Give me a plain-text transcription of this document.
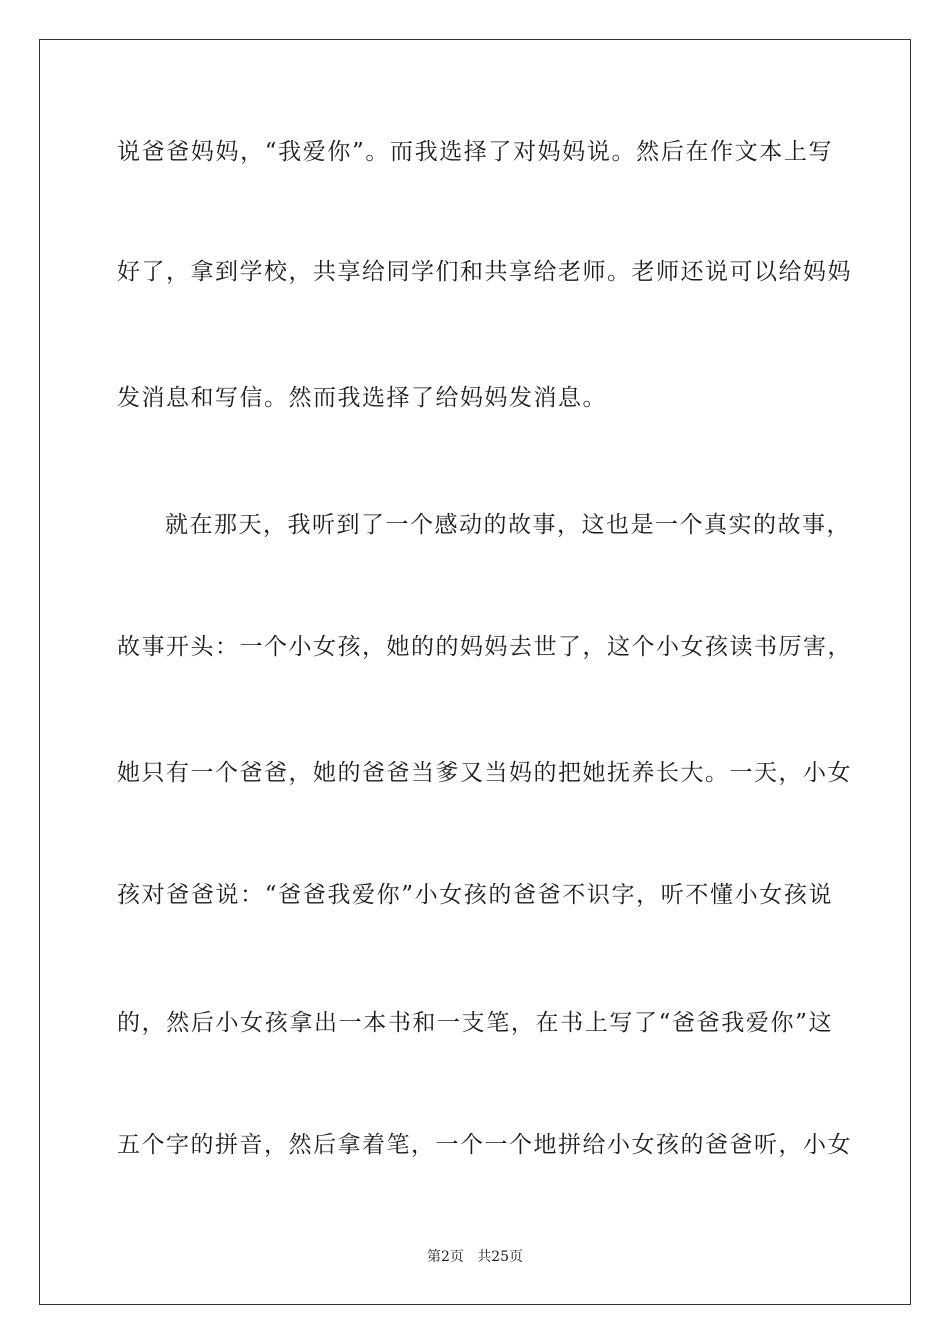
说爸爸妈妈，“我爱你”。而我选择了对妈妈说。然后在作文本上写
好了，拿到学校，共享给同学们和共享给老师。老师还说可以给妈妈
发消息和写信。然而我选择了给妈妈发消息。
就在那天，我听到了一个感动的故事，这也是一个真实的故事，
故事开头：一个小女孩，她的的妈妈去世了，这个小女孩读书厉害，
她只有一个爸爸，她的爸爸当爹又当妈的把她抚养长大。一天，小女
孩对爸爸说：“爸爸我爱你”小女孩的爸爸不识字，听不懂小女孩说
的，然后小女孩拿出一本书和一支笔，在书上写了“爸爸我爱你”这
五个字的拼音，然后拿着笔，一个一个地拼给小女孩的爸爸听，小女
第2页   共25页
